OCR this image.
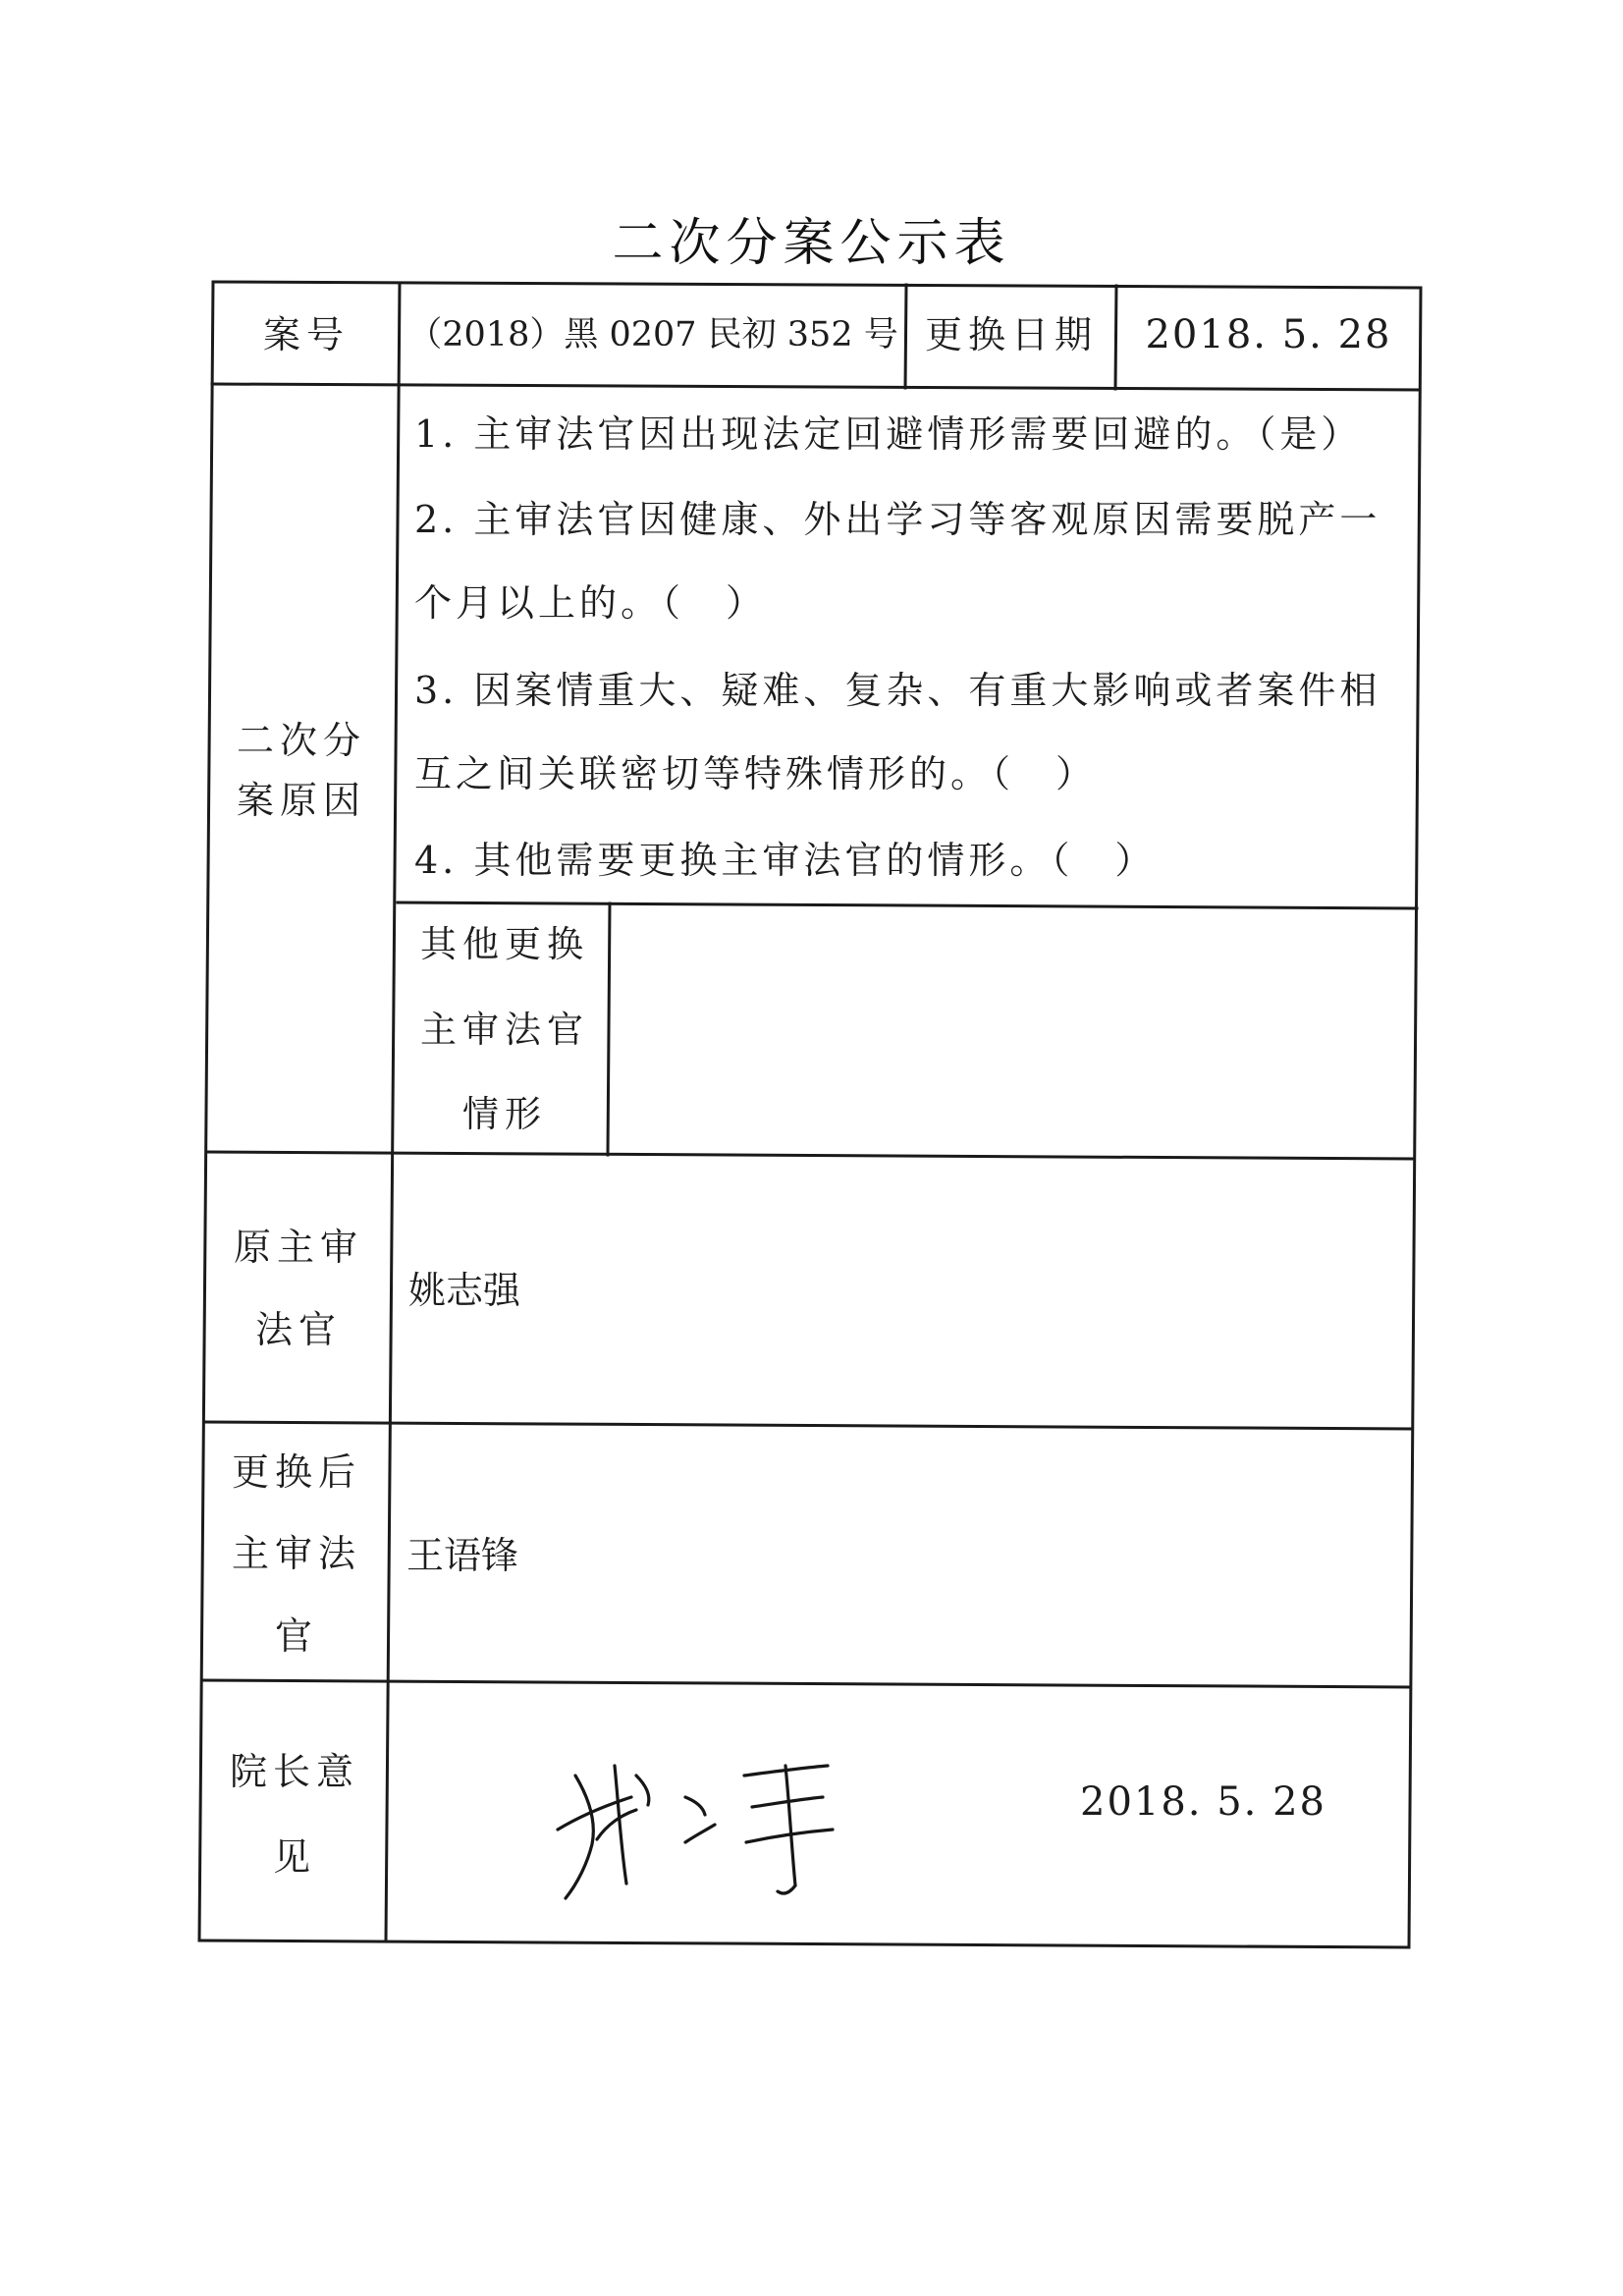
二次分案公示表
案号	（2018）黑 0207 民初 352 号 更换日期	2018. 5. 28
二次分
案原因
1. 主审法官因出现法定回避情形需要回避的。（是）
2. 主审法官因健康、外出学习等客观原因需要脱产一
个月以上的。（　）
3. 因案情重大、疑难、复杂、有重大影响或者案件相
互之间关联密切等特殊情形的。（　）
4. 其他需要更换主审法官的情形。（　）
其他更换
主审法官
情形
原主审
法官
姚志强
更换后
主审法
官
王语锋
院长意
见
2018. 5. 28
